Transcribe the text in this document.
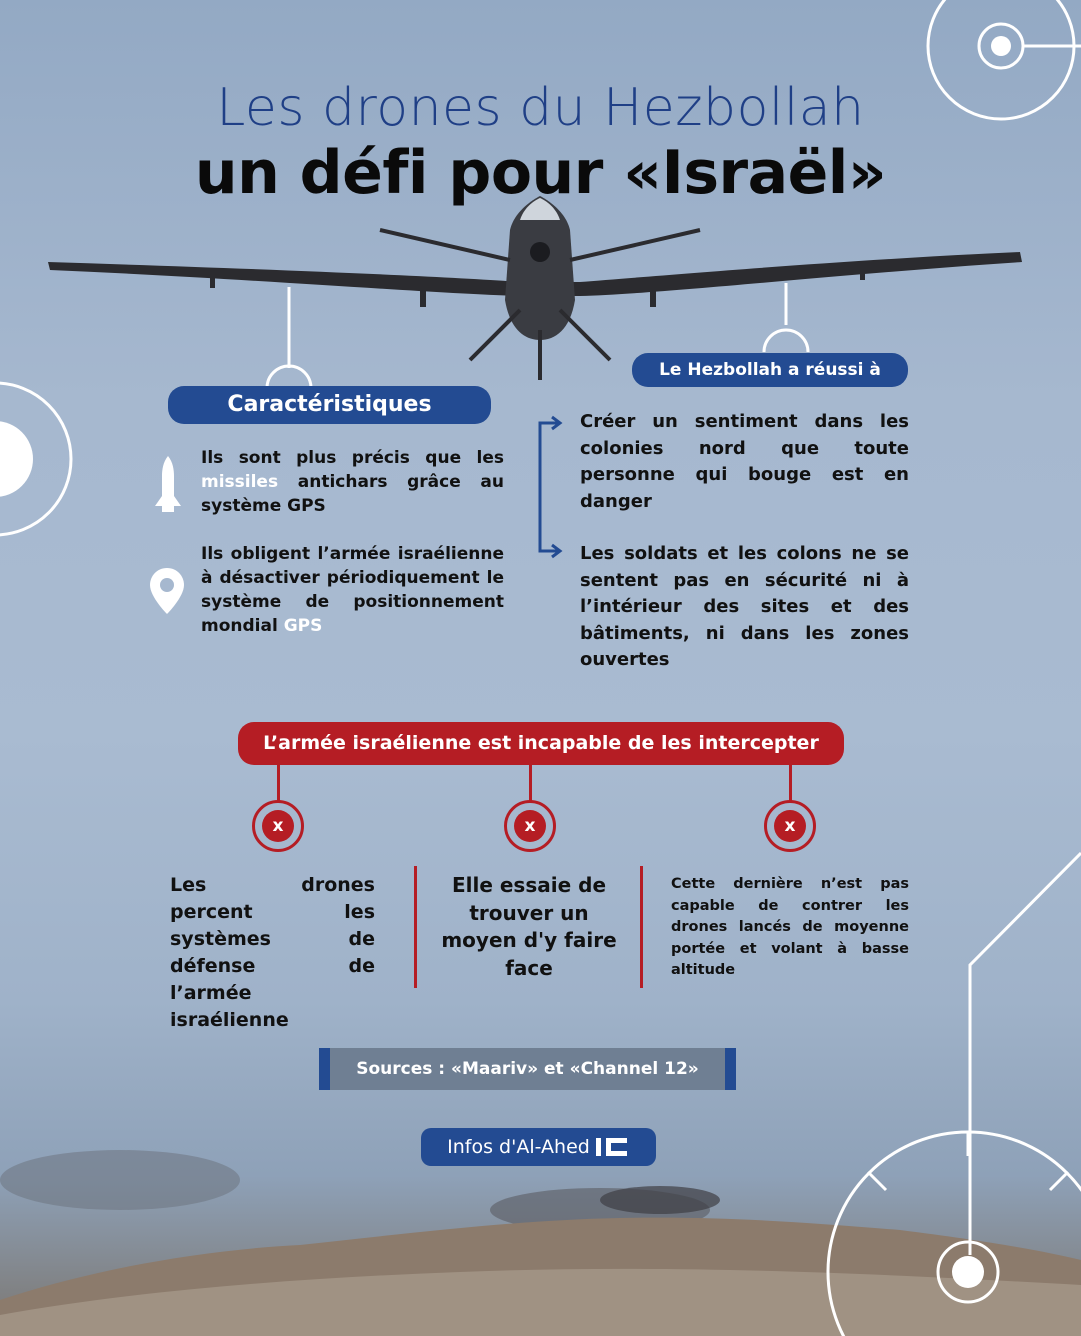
Les drones du Hezbollah
un défi pour «Israël»
Caractéristiques
Ils sont plus précis que les missiles antichars grâce au système GPS
Ils obligent l’armée israélienne à désactiver périodiquement le système de positionnement mondial GPS
Le Hezbollah a réussi à
Créer un sentiment dans les colonies nord que toute personne qui bouge est en danger
Les soldats et les colons ne se sentent pas en sécurité ni à l’intérieur des sites et des bâtiments, ni dans les zones ouvertes
L’armée israélienne est incapable de les intercepter
x	x	x
Les drones percent les systèmes de défense de l’armée israélienne
Elle essaie de trouver un moyen d'y faire face
Cette dernière n’est pas capable de contrer les drones lancés de moyenne portée et volant à basse altitude
Sources : «Maariv» et «Channel 12»
Infos d'Al-Ahed
